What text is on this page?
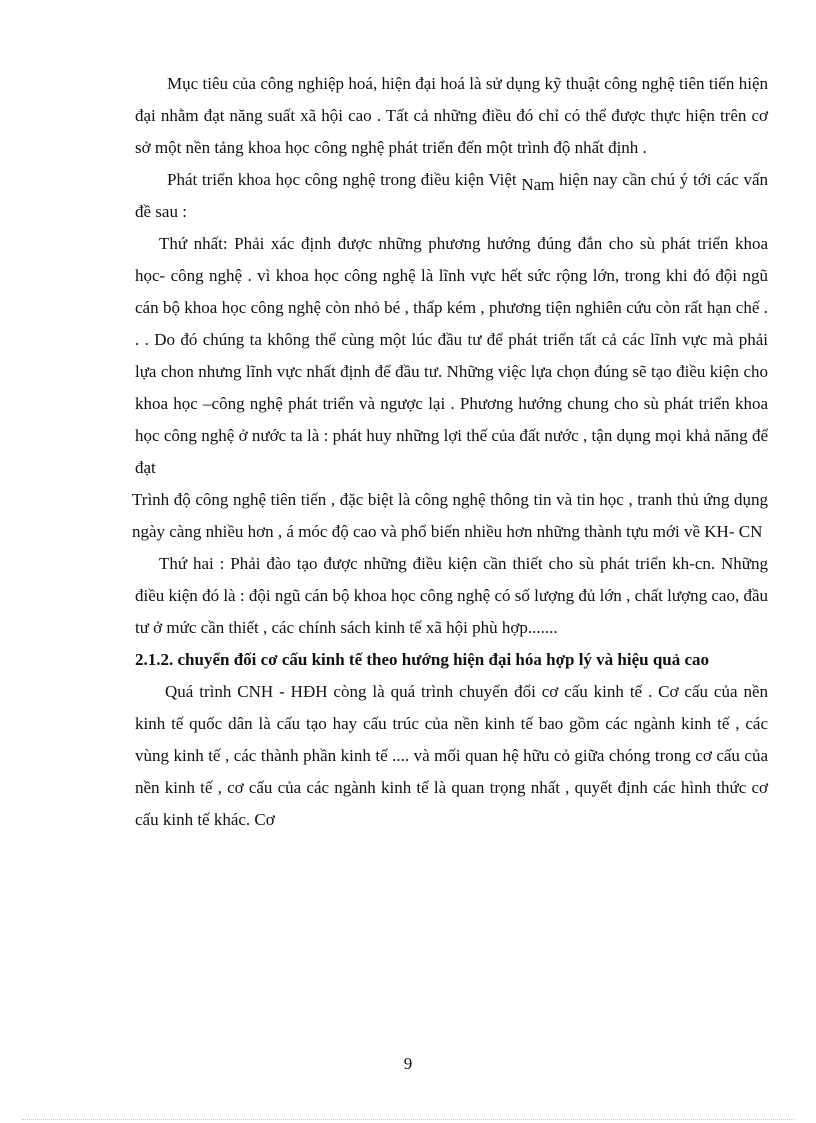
Mục tiêu của công nghiệp hoá, hiện đại hoá là sử dụng kỹ thuật công nghệ tiên tiến hiện đại nhằm đạt năng suất xã hội cao . Tất cả những điều đó chỉ có thể được thực hiện trên cơ sở một nền tảng khoa học công nghệ phát triển đến một trình độ nhất định .

Phát triển khoa học công nghệ trong điều kiện Việt Nam hiện nay cần chú ý tới các vấn đề sau :

Thứ nhất: Phải xác định được những phương hướng đúng đắn cho sù phát triển khoa học- công nghệ . vì khoa học công nghệ là lĩnh vực hết sức rộng lớn, trong khi đó đội ngũ cán bộ khoa học công nghệ còn nhỏ bé , thấp kém , phương tiện nghiên cứu còn rất hạn chế . . . Do đó chúng ta không thể cùng một lúc đầu tư để phát triển tất cả các lĩnh vực mà phải lựa chon nhưng lĩnh vực nhất định để đầu tư. Những việc lựa chọn đúng sẽ tạo điều kiện cho khoa học –công nghệ phát triển và ngược lại . Phương hướng chung cho sù phát triển khoa học công nghệ ở nước ta là : phát huy những lợi thế của đất nước , tận dụng mọi khả năng để đạt

Trình độ công nghệ tiên tiến , đặc biệt là công nghệ thông tin và tin học , tranh thủ ứng dụng ngày càng nhiều hơn , á móc độ cao và phổ biến nhiều hơn những thành tựu mới về KH- CN

Thứ hai : Phải đào tạo được những điều kiện cần thiết cho sù phát triển kh-cn. Những điều kiện đó là : đội ngũ cán bộ khoa học công nghệ có số lượng đủ lớn , chất lượng cao, đầu tư ở mức cần thiết , các chính sách kinh tế xã hội phù hợp.......

2.1.2. chuyển đổi cơ cấu kinh tế theo hướng hiện đại hóa hợp lý và hiệu quả cao

Quá trình CNH - HĐH còng là quá trình chuyển đổi cơ cấu kinh tế . Cơ cấu của nền kinh tế quốc dân là cấu tạo hay cấu trúc của nền kinh tế bao gồm các ngành kinh tế , các vùng kinh tế , các thành phần kinh tế .... và mối quan hệ hữu cỏ giữa chóng trong cơ cấu của nền kinh tế , cơ cấu của các ngành kinh tế là quan trọng nhất , quyết định các hình thức cơ cấu kinh tế khác. Cơ

9
